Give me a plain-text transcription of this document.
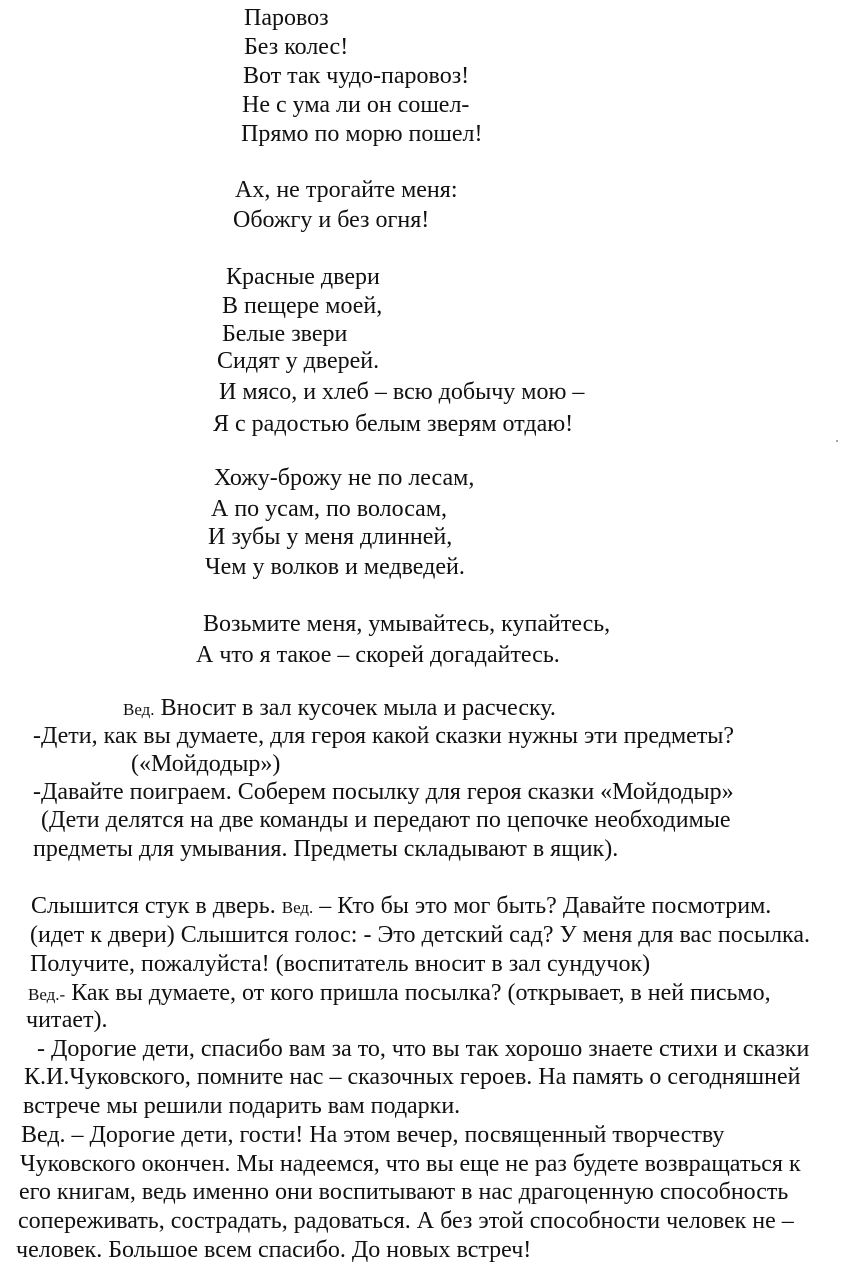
Паровоз
Без колес!
Вот так чудо-паровоз!
Не с ума ли он сошел-
Прямо по морю пошел!
Ах, не трогайте меня:
Обожгу и без огня!
Красные двери
В пещере моей,
Белые звери
Сидят у дверей.
И мясо, и хлеб – всю добычу мою –
Я с радостью белым зверям отдаю!
Хожу-брожу не по лесам,
А по усам, по волосам,
И зубы у меня длинней,
Чем у волков и медведей.
Возьмите меня, умывайтесь, купайтесь,
А что я такое – скорей догадайтесь.
Вед. Вносит в зал кусочек мыла и расческу.
-Дети, как вы думаете, для героя какой сказки нужны эти предметы?
(«Мойдодыр»)
-Давайте поиграем. Соберем посылку для героя сказки «Мойдодыр»
(Дети делятся на две команды и передают по цепочке необходимые
предметы для умывания. Предметы складывают в ящик).
Слышится стук в дверь. Вед. – Кто бы это мог быть? Давайте посмотрим.
(идет к двери) Слышится голос: - Это детский сад? У меня для вас посылка.
Получите, пожалуйста! (воспитатель вносит в зал сундучок)
Вед.- Как вы думаете, от кого пришла посылка? (открывает, в ней письмо,
читает).
- Дорогие дети, спасибо вам за то, что вы так хорошо знаете стихи и сказки
К.И.Чуковского, помните нас – сказочных героев. На память о сегодняшней
встрече мы решили подарить вам подарки.
Вед. – Дорогие дети, гости! На этом вечер, посвященный творчеству
Чуковского окончен. Мы надеемся, что вы еще не раз будете возвращаться к
его книгам, ведь именно они воспитывают в нас драгоценную способность
сопереживать, сострадать, радоваться. А без этой способности человек не –
человек. Большое всем спасибо. До новых встреч!
